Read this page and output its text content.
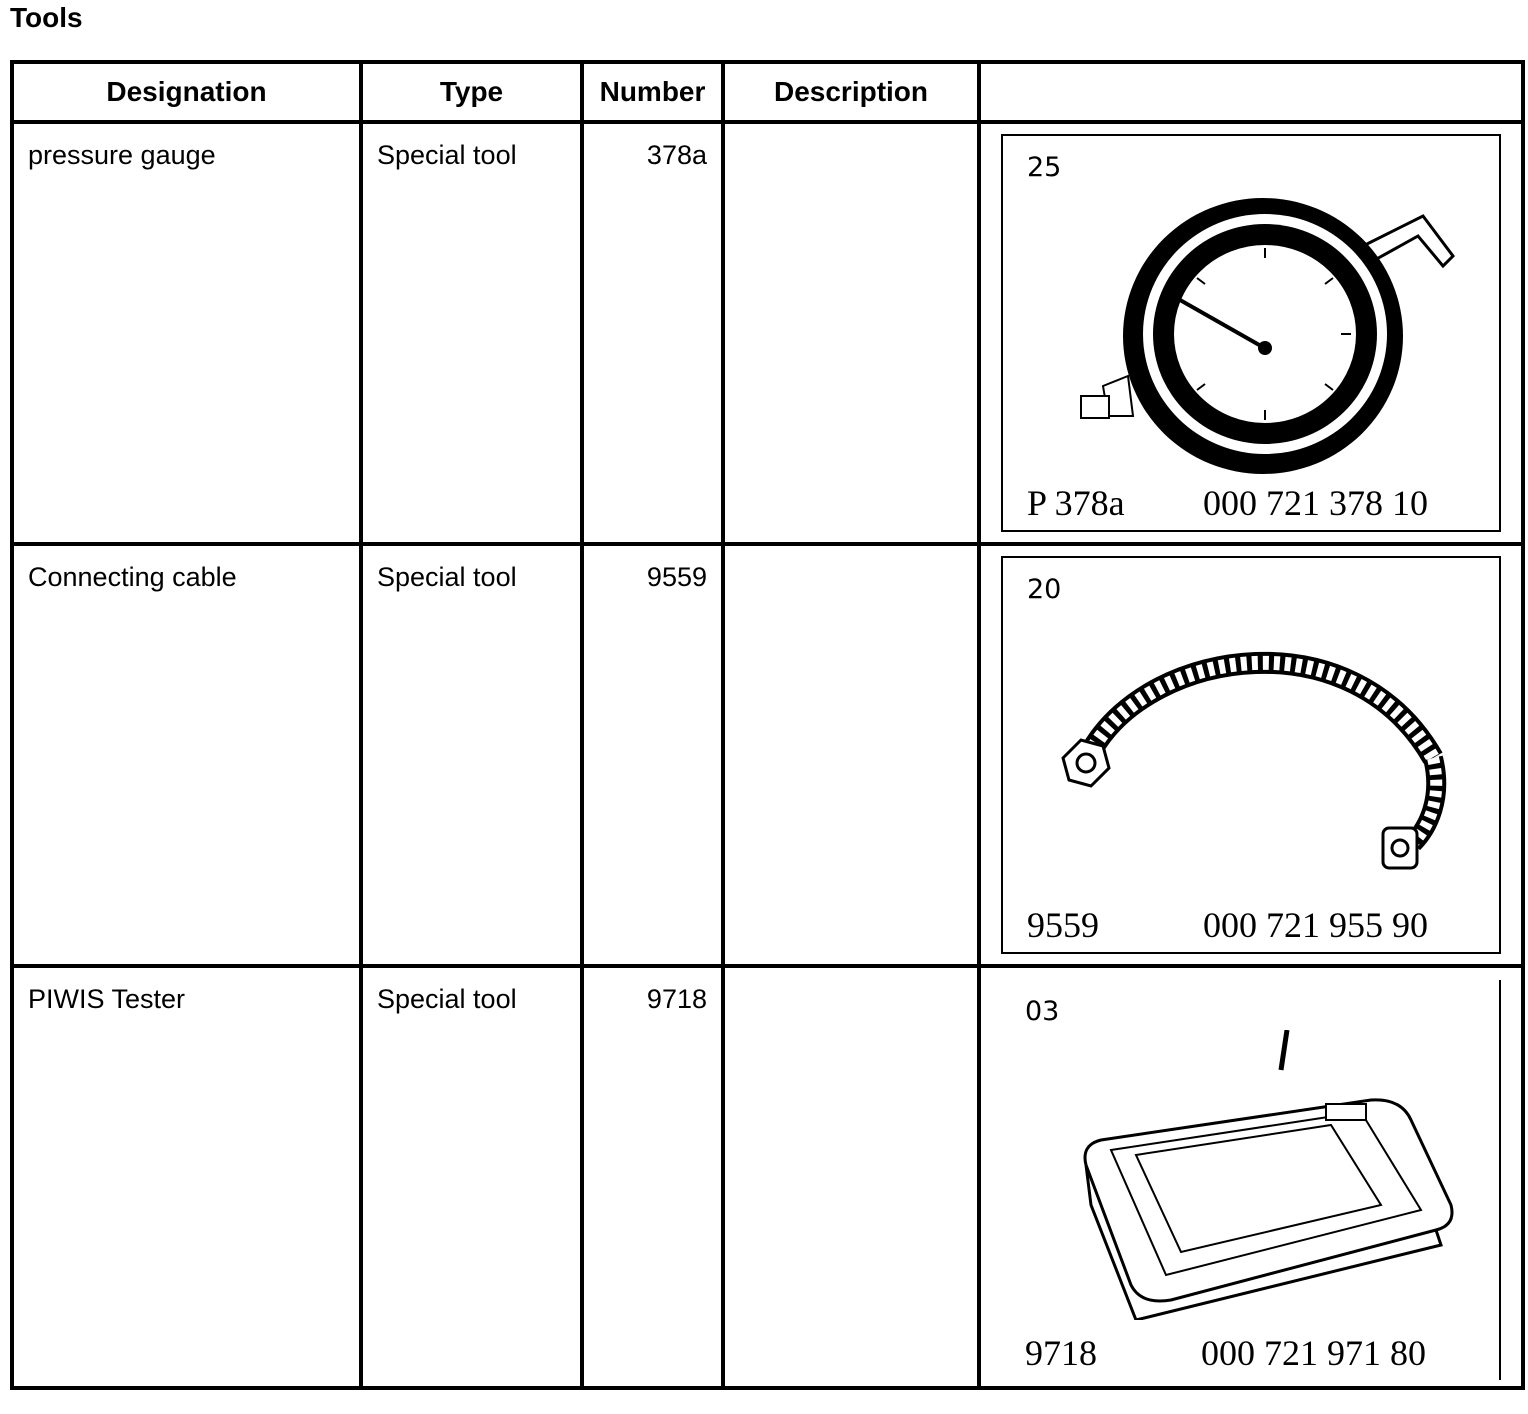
Tools
Designation	Type	Number	Description	

pressure gauge	Special tool	378a		25
P 378a 000 721 378 10

Connecting cable	Special tool	9559		20
9559 000 721 955 90

PIWIS Tester	Special tool	9718		03
9718 000 721 971 80
